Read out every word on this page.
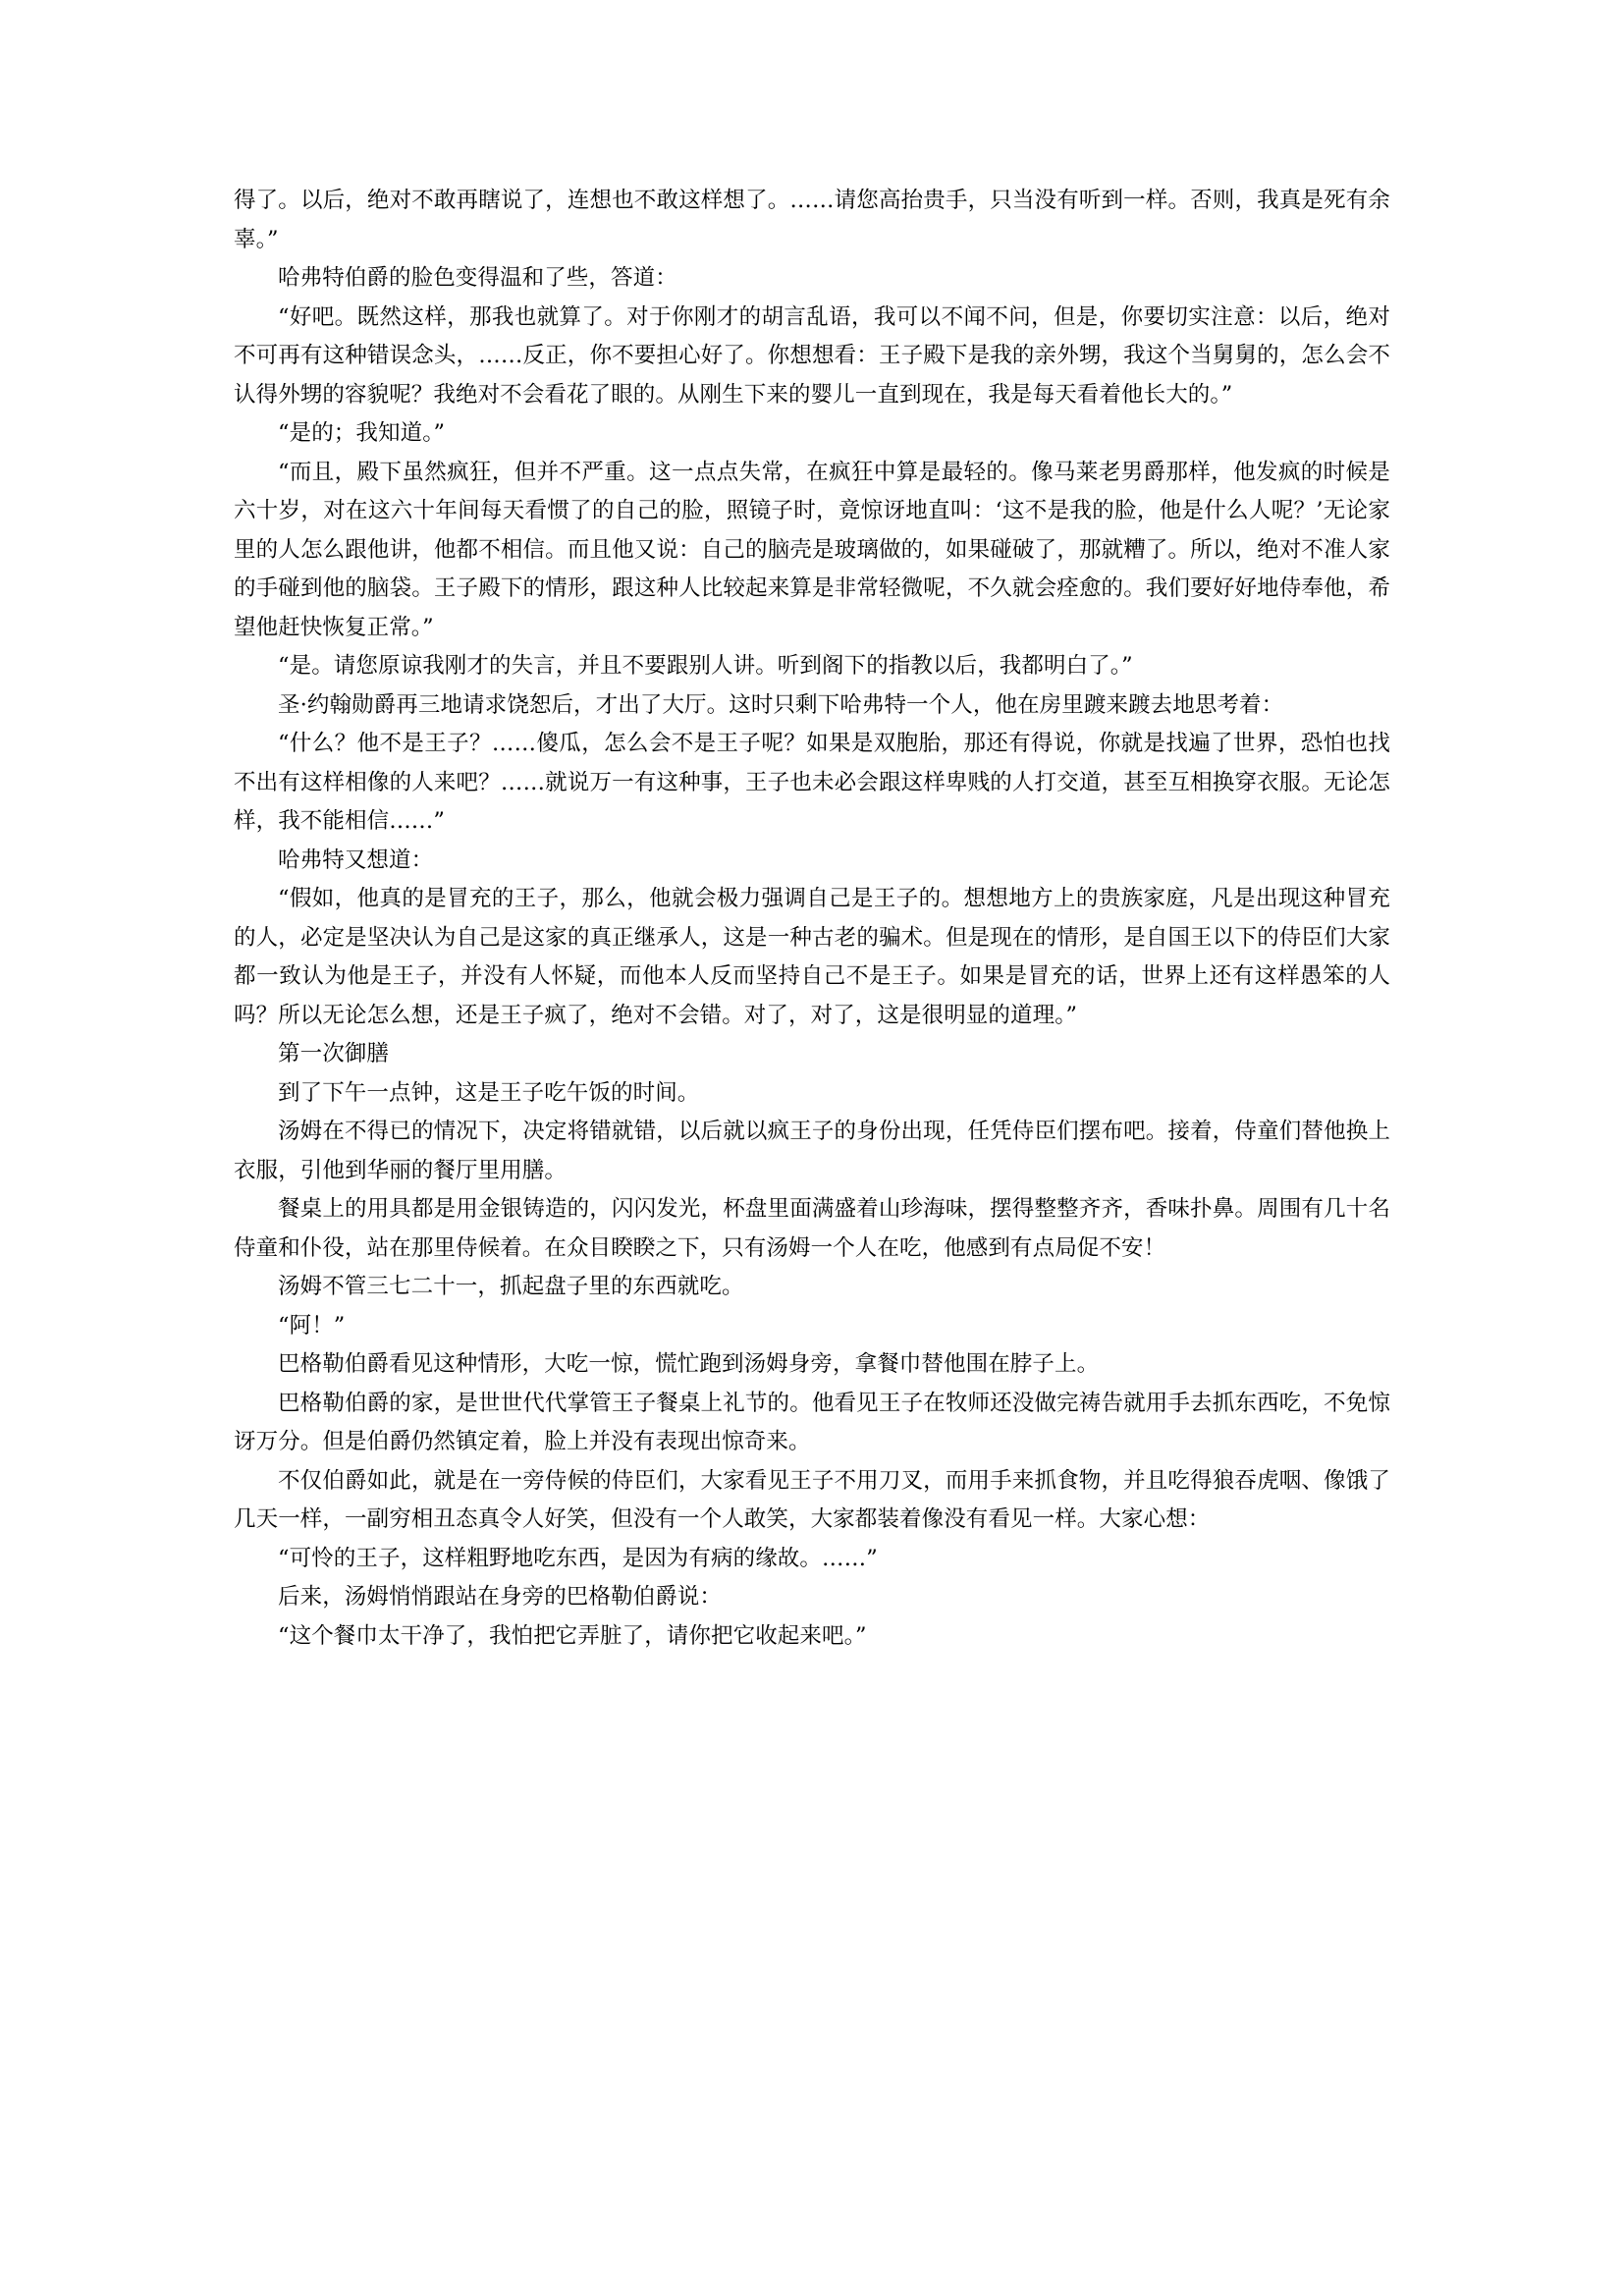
得了。以后，绝对不敢再瞎说了，连想也不敢这样想了。……请您高抬贵手，只当没有听到一样。否则，我真是死有余辜。”

哈弗特伯爵的脸色变得温和了些，答道：

“好吧。既然这样，那我也就算了。对于你刚才的胡言乱语，我可以不闻不问，但是，你要切实注意：以后，绝对不可再有这种错误念头，……反正，你不要担心好了。你想想看：王子殿下是我的亲外甥，我这个当舅舅的，怎么会不认得外甥的容貌呢？我绝对不会看花了眼的。从刚生下来的婴儿一直到现在，我是每天看着他长大的。”

“是的；我知道。”

“而且，殿下虽然疯狂，但并不严重。这一点点失常，在疯狂中算是最轻的。像马莱老男爵那样，他发疯的时候是六十岁，对在这六十年间每天看惯了的自己的脸，照镜子时，竟惊讶地直叫：‘这不是我的脸，他是什么人呢？’无论家里的人怎么跟他讲，他都不相信。而且他又说：自己的脑壳是玻璃做的，如果碰破了，那就糟了。所以，绝对不准人家的手碰到他的脑袋。王子殿下的情形，跟这种人比较起来算是非常轻微呢，不久就会痊愈的。我们要好好地侍奉他，希望他赶快恢复正常。”

“是。请您原谅我刚才的失言，并且不要跟别人讲。听到阁下的指教以后，我都明白了。”

圣·约翰勋爵再三地请求饶恕后，才出了大厅。这时只剩下哈弗特一个人，他在房里踱来踱去地思考着：

“什么？他不是王子？……傻瓜，怎么会不是王子呢？如果是双胞胎，那还有得说，你就是找遍了世界，恐怕也找不出有这样相像的人来吧？……就说万一有这种事，王子也未必会跟这样卑贱的人打交道，甚至互相换穿衣服。无论怎样，我不能相信……”

哈弗特又想道：

“假如，他真的是冒充的王子，那么，他就会极力强调自己是王子的。想想地方上的贵族家庭，凡是出现这种冒充的人，必定是坚决认为自己是这家的真正继承人，这是一种古老的骗术。但是现在的情形，是自国王以下的侍臣们大家都一致认为他是王子，并没有人怀疑，而他本人反而坚持自己不是王子。如果是冒充的话，世界上还有这样愚笨的人吗？所以无论怎么想，还是王子疯了，绝对不会错。对了，对了，这是很明显的道理。”

第一次御膳

到了下午一点钟，这是王子吃午饭的时间。

汤姆在不得已的情况下，决定将错就错，以后就以疯王子的身份出现，任凭侍臣们摆布吧。接着，侍童们替他换上衣服，引他到华丽的餐厅里用膳。

餐桌上的用具都是用金银铸造的，闪闪发光，杯盘里面满盛着山珍海味，摆得整整齐齐，香味扑鼻。周围有几十名侍童和仆役，站在那里侍候着。在众目睽睽之下，只有汤姆一个人在吃，他感到有点局促不安！

汤姆不管三七二十一，抓起盘子里的东西就吃。

“阿！”

巴格勒伯爵看见这种情形，大吃一惊，慌忙跑到汤姆身旁，拿餐巾替他围在脖子上。

巴格勒伯爵的家，是世世代代掌管王子餐桌上礼节的。他看见王子在牧师还没做完祷告就用手去抓东西吃，不免惊讶万分。但是伯爵仍然镇定着，脸上并没有表现出惊奇来。

不仅伯爵如此，就是在一旁侍候的侍臣们，大家看见王子不用刀叉，而用手来抓食物，并且吃得狼吞虎咽、像饿了几天一样，一副穷相丑态真令人好笑，但没有一个人敢笑，大家都装着像没有看见一样。大家心想：

“可怜的王子，这样粗野地吃东西，是因为有病的缘故。……”

后来，汤姆悄悄跟站在身旁的巴格勒伯爵说：

“这个餐巾太干净了，我怕把它弄脏了，请你把它收起来吧。”
